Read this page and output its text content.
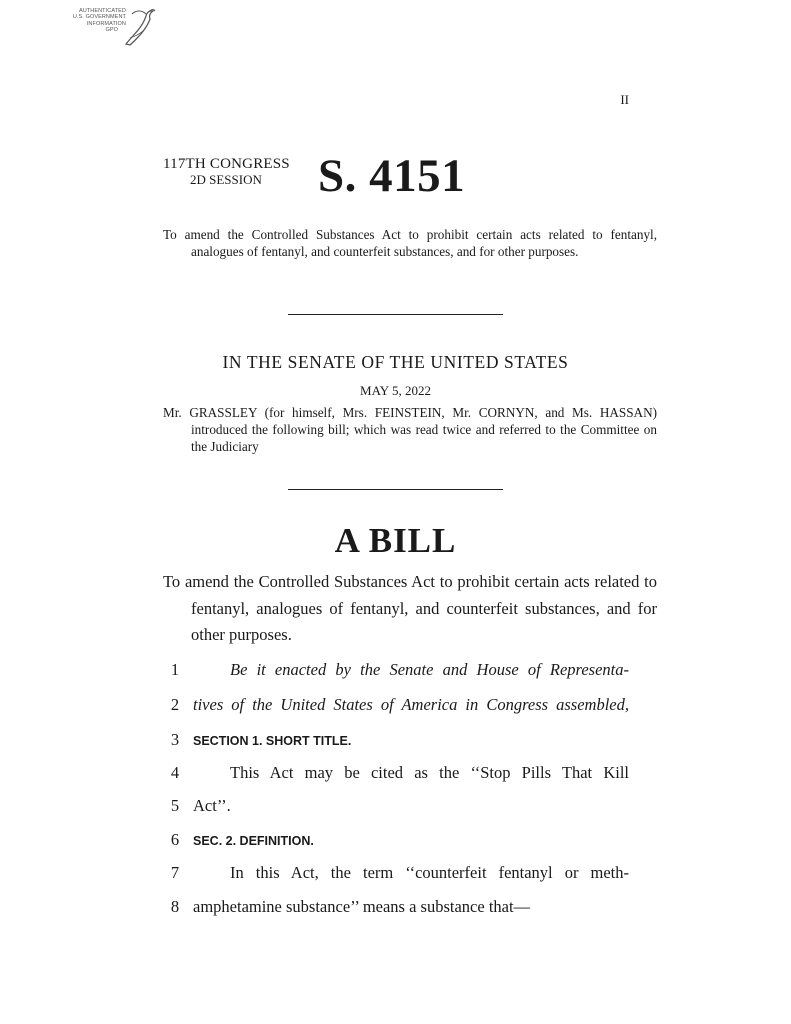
AUTHENTICATED
U.S. GOVERNMENT
INFORMATION
GPO
II
117TH CONGRESS
2D SESSION	S. 4151
To amend the Controlled Substances Act to prohibit certain acts related to fentanyl, analogues of fentanyl, and counterfeit substances, and for other purposes.
IN THE SENATE OF THE UNITED STATES
MAY 5, 2022
Mr. GRASSLEY (for himself, Mrs. FEINSTEIN, Mr. CORNYN, and Ms. HASSAN) introduced the following bill; which was read twice and referred to the Committee on the Judiciary
A BILL
To amend the Controlled Substances Act to prohibit certain acts related to fentanyl, analogues of fentanyl, and counterfeit substances, and for other purposes.
1	Be it enacted by the Senate and House of Representa-
2 tives of the United States of America in Congress assembled,
3	SECTION 1. SHORT TITLE.
4	This Act may be cited as the ‘‘Stop Pills That Kill
5 Act’’.
6	SEC. 2. DEFINITION.
7	In this Act, the term ‘‘counterfeit fentanyl or meth-
8 amphetamine substance’’ means a substance that—
